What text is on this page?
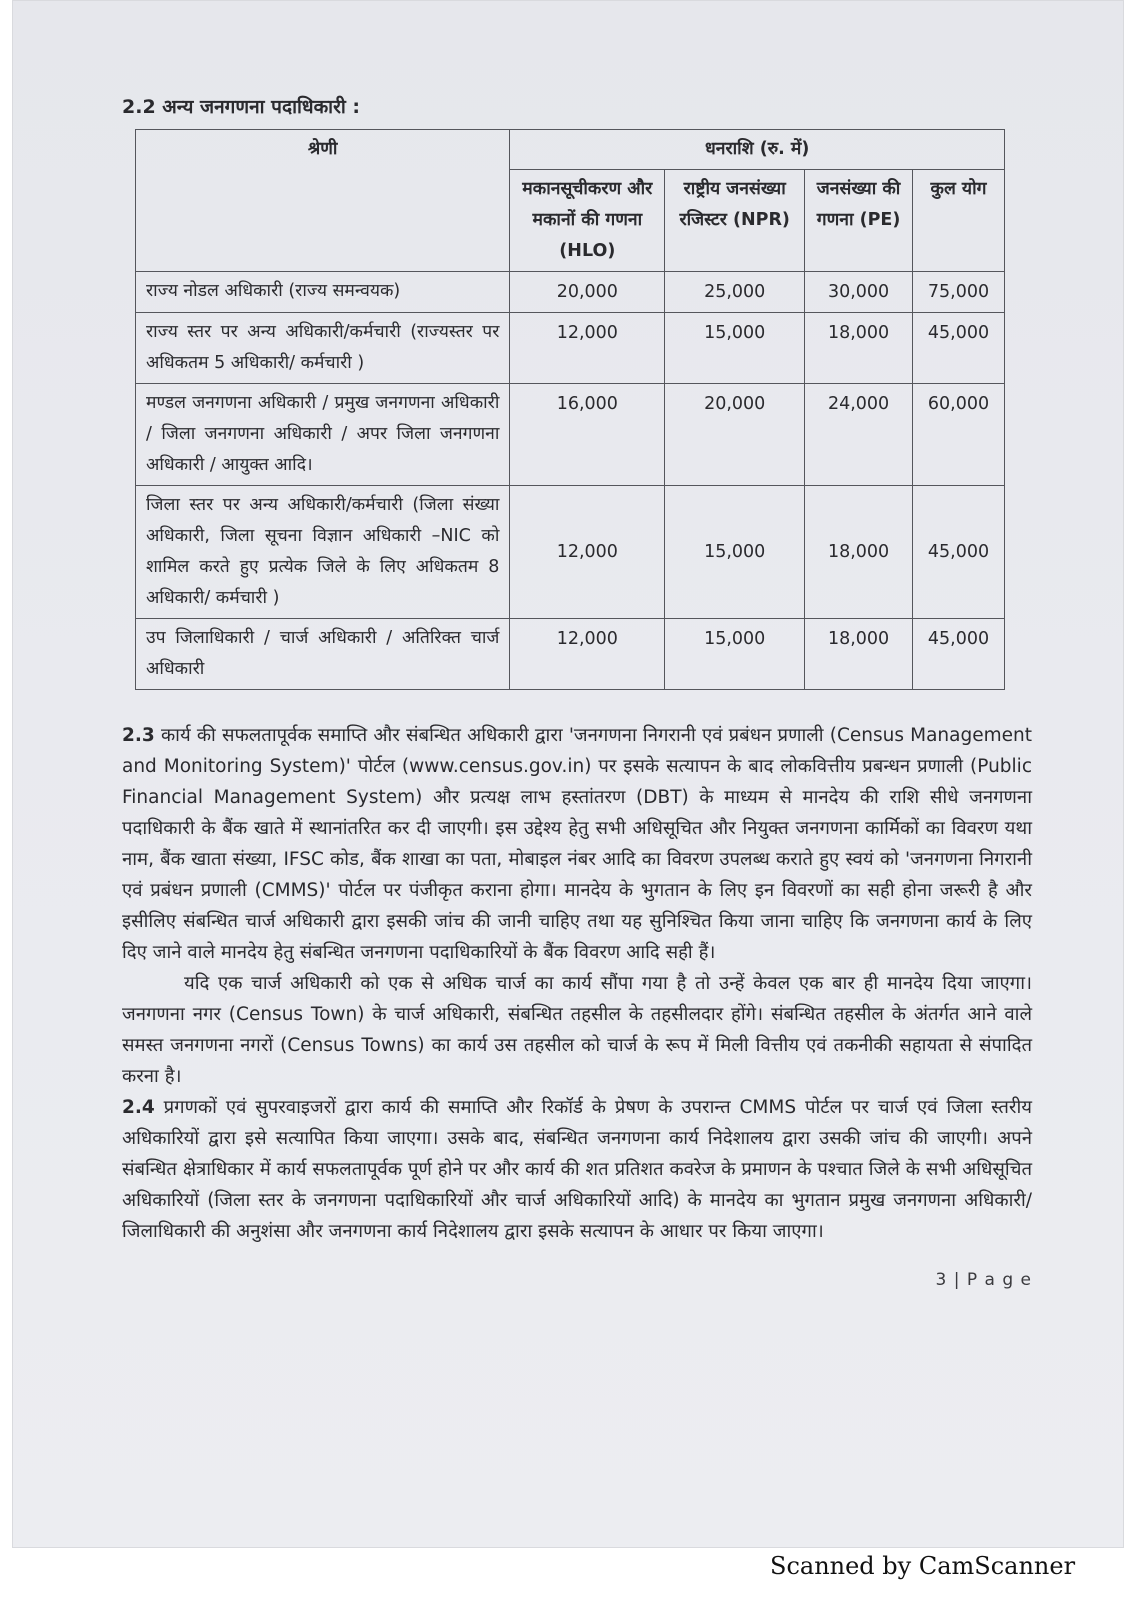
2.2 अन्य जनगणना पदाधिकारी :
श्रेणी	धनराशि (रु. में)			
	मकानसूचीकरण और मकानों की गणना (HLO)	राष्ट्रीय जनसंख्या रजिस्टर (NPR)	जनसंख्या की गणना (PE)	कुल योग
राज्य नोडल अधिकारी (राज्य समन्वयक)	20,000	25,000	30,000	75,000
राज्य स्तर पर अन्य अधिकारी/कर्मचारी (राज्यस्तर पर अधिकतम 5 अधिकारी/ कर्मचारी )	12,000	15,000	18,000	45,000
मण्डल जनगणना अधिकारी / प्रमुख जनगणना अधिकारी / जिला जनगणना अधिकारी / अपर जिला जनगणना अधिकारी / आयुक्त आदि।	16,000	20,000	24,000	60,000
जिला स्तर पर अन्य अधिकारी/कर्मचारी (जिला संख्या अधिकारी, जिला सूचना विज्ञान अधिकारी –NIC को शामिल करते हुए प्रत्येक जिले के लिए अधिकतम 8 अधिकारी/ कर्मचारी )	12,000	15,000	18,000	45,000
उप जिलाधिकारी / चार्ज अधिकारी / अतिरिक्त चार्ज अधिकारी	12,000	15,000	18,000	45,000

2.3 कार्य की सफलतापूर्वक समाप्ति और संबन्धित अधिकारी द्वारा 'जनगणना निगरानी एवं प्रबंधन प्रणाली (Census Management and Monitoring System)' पोर्टल (www.census.gov.in) पर इसके सत्यापन के बाद लोकवित्तीय प्रबन्धन प्रणाली (Public Financial Management System) और प्रत्यक्ष लाभ हस्तांतरण (DBT) के माध्यम से मानदेय की राशि सीधे जनगणना पदाधिकारी के बैंक खाते में स्थानांतरित कर दी जाएगी। इस उद्देश्य हेतु सभी अधिसूचित और नियुक्त जनगणना कार्मिकों का विवरण यथा नाम, बैंक खाता संख्या, IFSC कोड, बैंक शाखा का पता, मोबाइल नंबर आदि का विवरण उपलब्ध कराते हुए स्वयं को 'जनगणना निगरानी एवं प्रबंधन प्रणाली (CMMS)' पोर्टल पर पंजीकृत कराना होगा। मानदेय के भुगतान के लिए इन विवरणों का सही होना जरूरी है और इसीलिए संबन्धित चार्ज अधिकारी द्वारा इसकी जांच की जानी चाहिए तथा यह सुनिश्चित किया जाना चाहिए कि जनगणना कार्य के लिए दिए जाने वाले मानदेय हेतु संबन्धित जनगणना पदाधिकारियों के बैंक विवरण आदि सही हैं।

यदि एक चार्ज अधिकारी को एक से अधिक चार्ज का कार्य सौंपा गया है तो उन्हें केवल एक बार ही मानदेय दिया जाएगा। जनगणना नगर (Census Town) के चार्ज अधिकारी, संबन्धित तहसील के तहसीलदार होंगे। संबन्धित तहसील के अंतर्गत आने वाले समस्त जनगणना नगरों (Census Towns) का कार्य उस तहसील को चार्ज के रूप में मिली वित्तीय एवं तकनीकी सहायता से संपादित करना है।

2.4 प्रगणकों एवं सुपरवाइजरों द्वारा कार्य की समाप्ति और रिकॉर्ड के प्रेषण के उपरान्त CMMS पोर्टल पर चार्ज एवं जिला स्तरीय अधिकारियों द्वारा इसे सत्यापित किया जाएगा। उसके बाद, संबन्धित जनगणना कार्य निदेशालय द्वारा उसकी जांच की जाएगी। अपने संबन्धित क्षेत्राधिकार में कार्य सफलतापूर्वक पूर्ण होने पर और कार्य की शत प्रतिशत कवरेज के प्रमाणन के पश्चात जिले के सभी अधिसूचित अधिकारियों (जिला स्तर के जनगणना पदाधिकारियों और चार्ज अधिकारियों आदि) के मानदेय का भुगतान प्रमुख जनगणना अधिकारी/जिलाधिकारी की अनुशंसा और जनगणना कार्य निदेशालय द्वारा इसके सत्यापन के आधार पर किया जाएगा।

3 | P a g e
Scanned by CamScanner
